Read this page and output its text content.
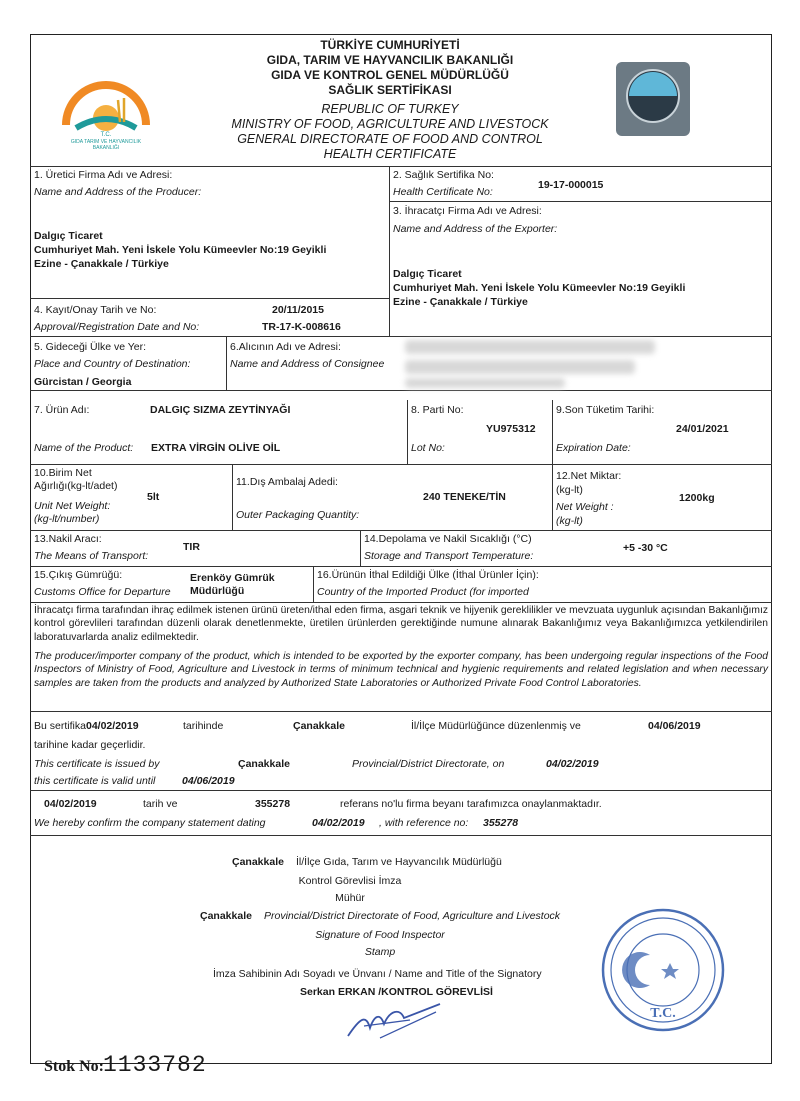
T.C.
GIDA TARIM VE HAYVANCILIK
BAKANLIĞI
TÜRKİYE CUMHURİYETİ
GIDA, TARIM VE HAYVANCILIK BAKANLIĞI
GIDA VE KONTROL GENEL MÜDÜRLÜĞÜ
SAĞLIK SERTİFİKASI
REPUBLIC OF TURKEY
MINISTRY OF FOOD, AGRICULTURE AND LIVESTOCK
GENERAL DIRECTORATE OF FOOD AND CONTROL
HEALTH CERTIFICATE
1. Üretici Firma Adı ve Adresi:
Name and Address of the Producer:
Dalgıç Ticaret
Cumhuriyet Mah. Yeni İskele Yolu Kümeevler No:19 Geyikli
Ezine - Çanakkale / Türkiye
2. Sağlık Sertifika No:
Health Certificate No:
19-17-000015
3. İhracatçı Firma Adı ve Adresi:
Name and Address of the Exporter:
Dalgıç Ticaret
Cumhuriyet Mah. Yeni İskele Yolu Kümeevler No:19 Geyikli
Ezine - Çanakkale / Türkiye
4. Kayıt/Onay Tarih ve No:
Approval/Registration Date and No:
20/11/2015
TR-17-K-008616
5. Gideceği Ülke ve Yer:
Place and Country of Destination:
Gürcistan / Georgia
6.Alıcının Adı ve Adresi:
Name and Address of Consignee
7. Ürün Adı:	DALGIÇ SIZMA ZEYTİNYAĞI
Name of the Product: EXTRA VİRGİN OLİVE OİL
8. Parti No:
YU975312
Lot No:
9.Son Tüketim Tarihi:
24/01/2021
Expiration Date:
10.Birim Net
Ağırlığı(kg-lt/adet)
Unit Net Weight:
(kg-lt/number)
5lt
11.Dış Ambalaj Adedi:
Outer Packaging Quantity:
240 TENEKE/TİN
12.Net Miktar:
(kg-lt)
Net Weight :
(kg-lt)
1200kg
13.Nakil Aracı:
The Means of Transport:
TIR
14.Depolama ve Nakil Sıcaklığı (°C)
Storage and Transport Temperature:
+5 -30 °C
15.Çıkış Gümrüğü:
Customs Office for Departure
Erenköy Gümrük
Müdürlüğü
16.Ürünün İthal Edildiği Ülke (İthal Ürünler İçin):
Country of the Imported Product (for imported
İhracatçı firma tarafından ihraç edilmek istenen ürünü üreten/ithal eden firma, asgari teknik ve hijyenik gereklilikler ve mevzuata uygunluk açısından Bakanlığımız kontrol görevlileri tarafından düzenli olarak denetlenmekte, üretilen ürünlerden gerektiğinde numune alınarak Bakanlığımız veya Bakanlığımızca yetkilendirilen laboratuvarlarda analiz edilmektedir.
The producer/importer company of the product, which is intended to be exported by the exporter company, has been undergoing regular inspections of the Food Inspectors of Ministry of Food, Agriculture and Livestock in terms of minimum technical and hygienic requirements and related legislation and when necessary samples are taken from the products and analyzed by Authorized State Laboratories or Authorized Private Food Control Laboratories.
Bu sertifika 04/02/2019	tarihinde	Çanakkale	İl/İlçe Müdürlüğünce düzenlenmiş ve	04/06/2019
tarihine kadar geçerlidir.
This certificate is issued by	Çanakkale	Provincial/District Directorate, on	04/02/2019
this certificate is valid until	04/06/2019
04/02/2019	tarih ve	355278	referans no'lu firma beyanı tarafımızca onaylanmaktadır.
We hereby confirm the company statement dating	04/02/2019 , with reference no: 355278
Çanakkale İl/İlçe Gıda, Tarım ve Hayvancılık Müdürlüğü
Kontrol Görevlisi İmza
Mühür
Çanakkale Provincial/District Directorate of Food, Agriculture and Livestock
Signature of Food Inspector
Stamp
İmza Sahibinin Adı Soyadı ve Ünvanı / Name and Title of the Signatory
Serkan ERKAN /KONTROL GÖREVLİSİ
T.C.
Stok No:
1133782
